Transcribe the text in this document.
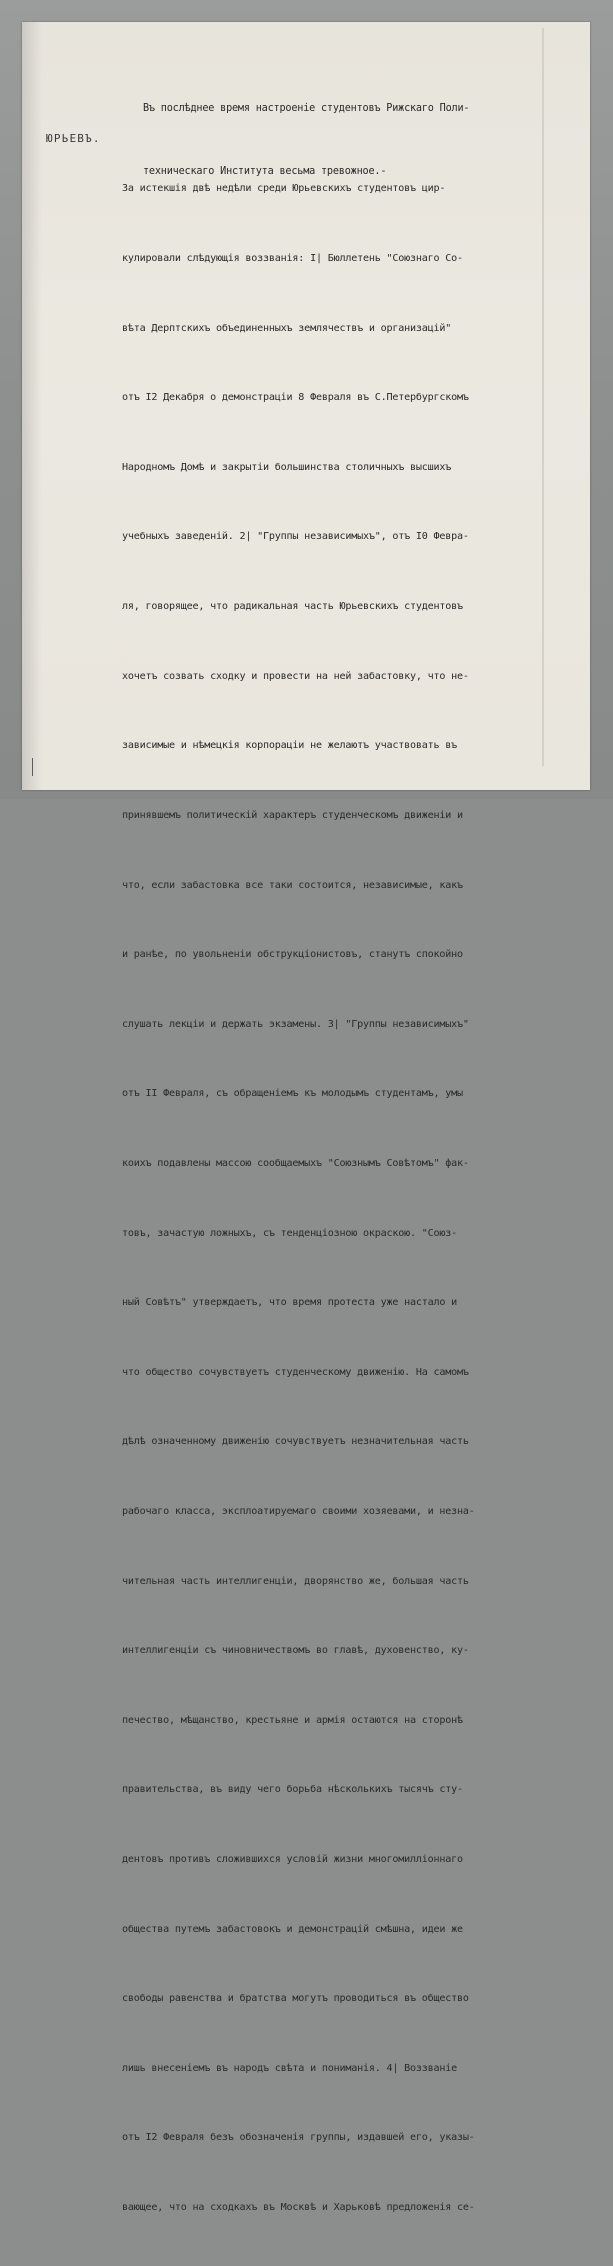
Въ послѣднее время настроеніе студентовъ Рижскаго Поли-

техническаго Института весьма тревожное.-

ЮРЬЕВЪ.

За истекшія двѣ недѣли среди Юрьевскихъ студентовъ цир-

кулировали слѣдующія воззванія: I| Бюллетень "Союзнаго Со-

вѣта Дерптскихъ объединенныхъ землячествъ и организацій"

отъ I2 Декабря о демонстраціи 8 Февраля въ С.Петербургскомъ

Народномъ Домѣ и закрытіи большинства столичныхъ высшихъ

учебныхъ заведеній. 2| "Группы независимыхъ", отъ I0 Феврa-

ля, говорящее, что радикальная часть Юрьевскихъ студентовъ

хочетъ созвать сходку и провести на ней забастовку, что не-

зависимые и нѣмецкія корпораціи не желаютъ участвовать въ

принявшемъ политическій характеръ студенческомъ движеніи и

что, если забастовка все таки состоится, независимые, какъ

и ранѣе, по увольненіи обструкціонистовъ, станутъ спокойно

слушать лекціи и держать экзамены. 3| "Группы независимыхъ"

отъ II Февраля, съ обращеніемъ къ молодымъ студентамъ, умы

коихъ подавлены массою сообщаемыхъ "Союзнымъ Совѣтомъ" фак-

товъ, зачастую ложныхъ, съ тенденціозною окраскою. "Союз-

ный Совѣтъ" утверждаетъ, что время протеста уже настало и

что общество сочувствуетъ студенческому движенію. На самомъ

дѣлѣ означенному движенію сочувствуетъ незначительная часть

рабочаго класса, эксплоатируемаго своими хозяевами, и незна-

чительная часть интеллигенціи, дворянство же, большая часть

интеллигенціи съ чиновничествомъ во главѣ, духовенство, ку-

печество, мѣщанство, крестьяне и армія остаются на сторонѣ

правительства, въ виду чего борьба нѣсколькихъ тысячъ сту-

дентовъ противъ сложившихся условій жизни многомилліоннаго

общества путемъ забастовокъ и демонстрацій смѣшна, идеи же

свободы равенства и братства могутъ проводиться въ общество

лишь внесеніемъ въ народъ свѣта и пониманія. 4| Воззваніе

отъ I2 Февраля безъ обозначенія группы, издавшей его, указы-

вающее, что на сходкахъ въ Москвѣ и Харьковѣ предложенія се-
